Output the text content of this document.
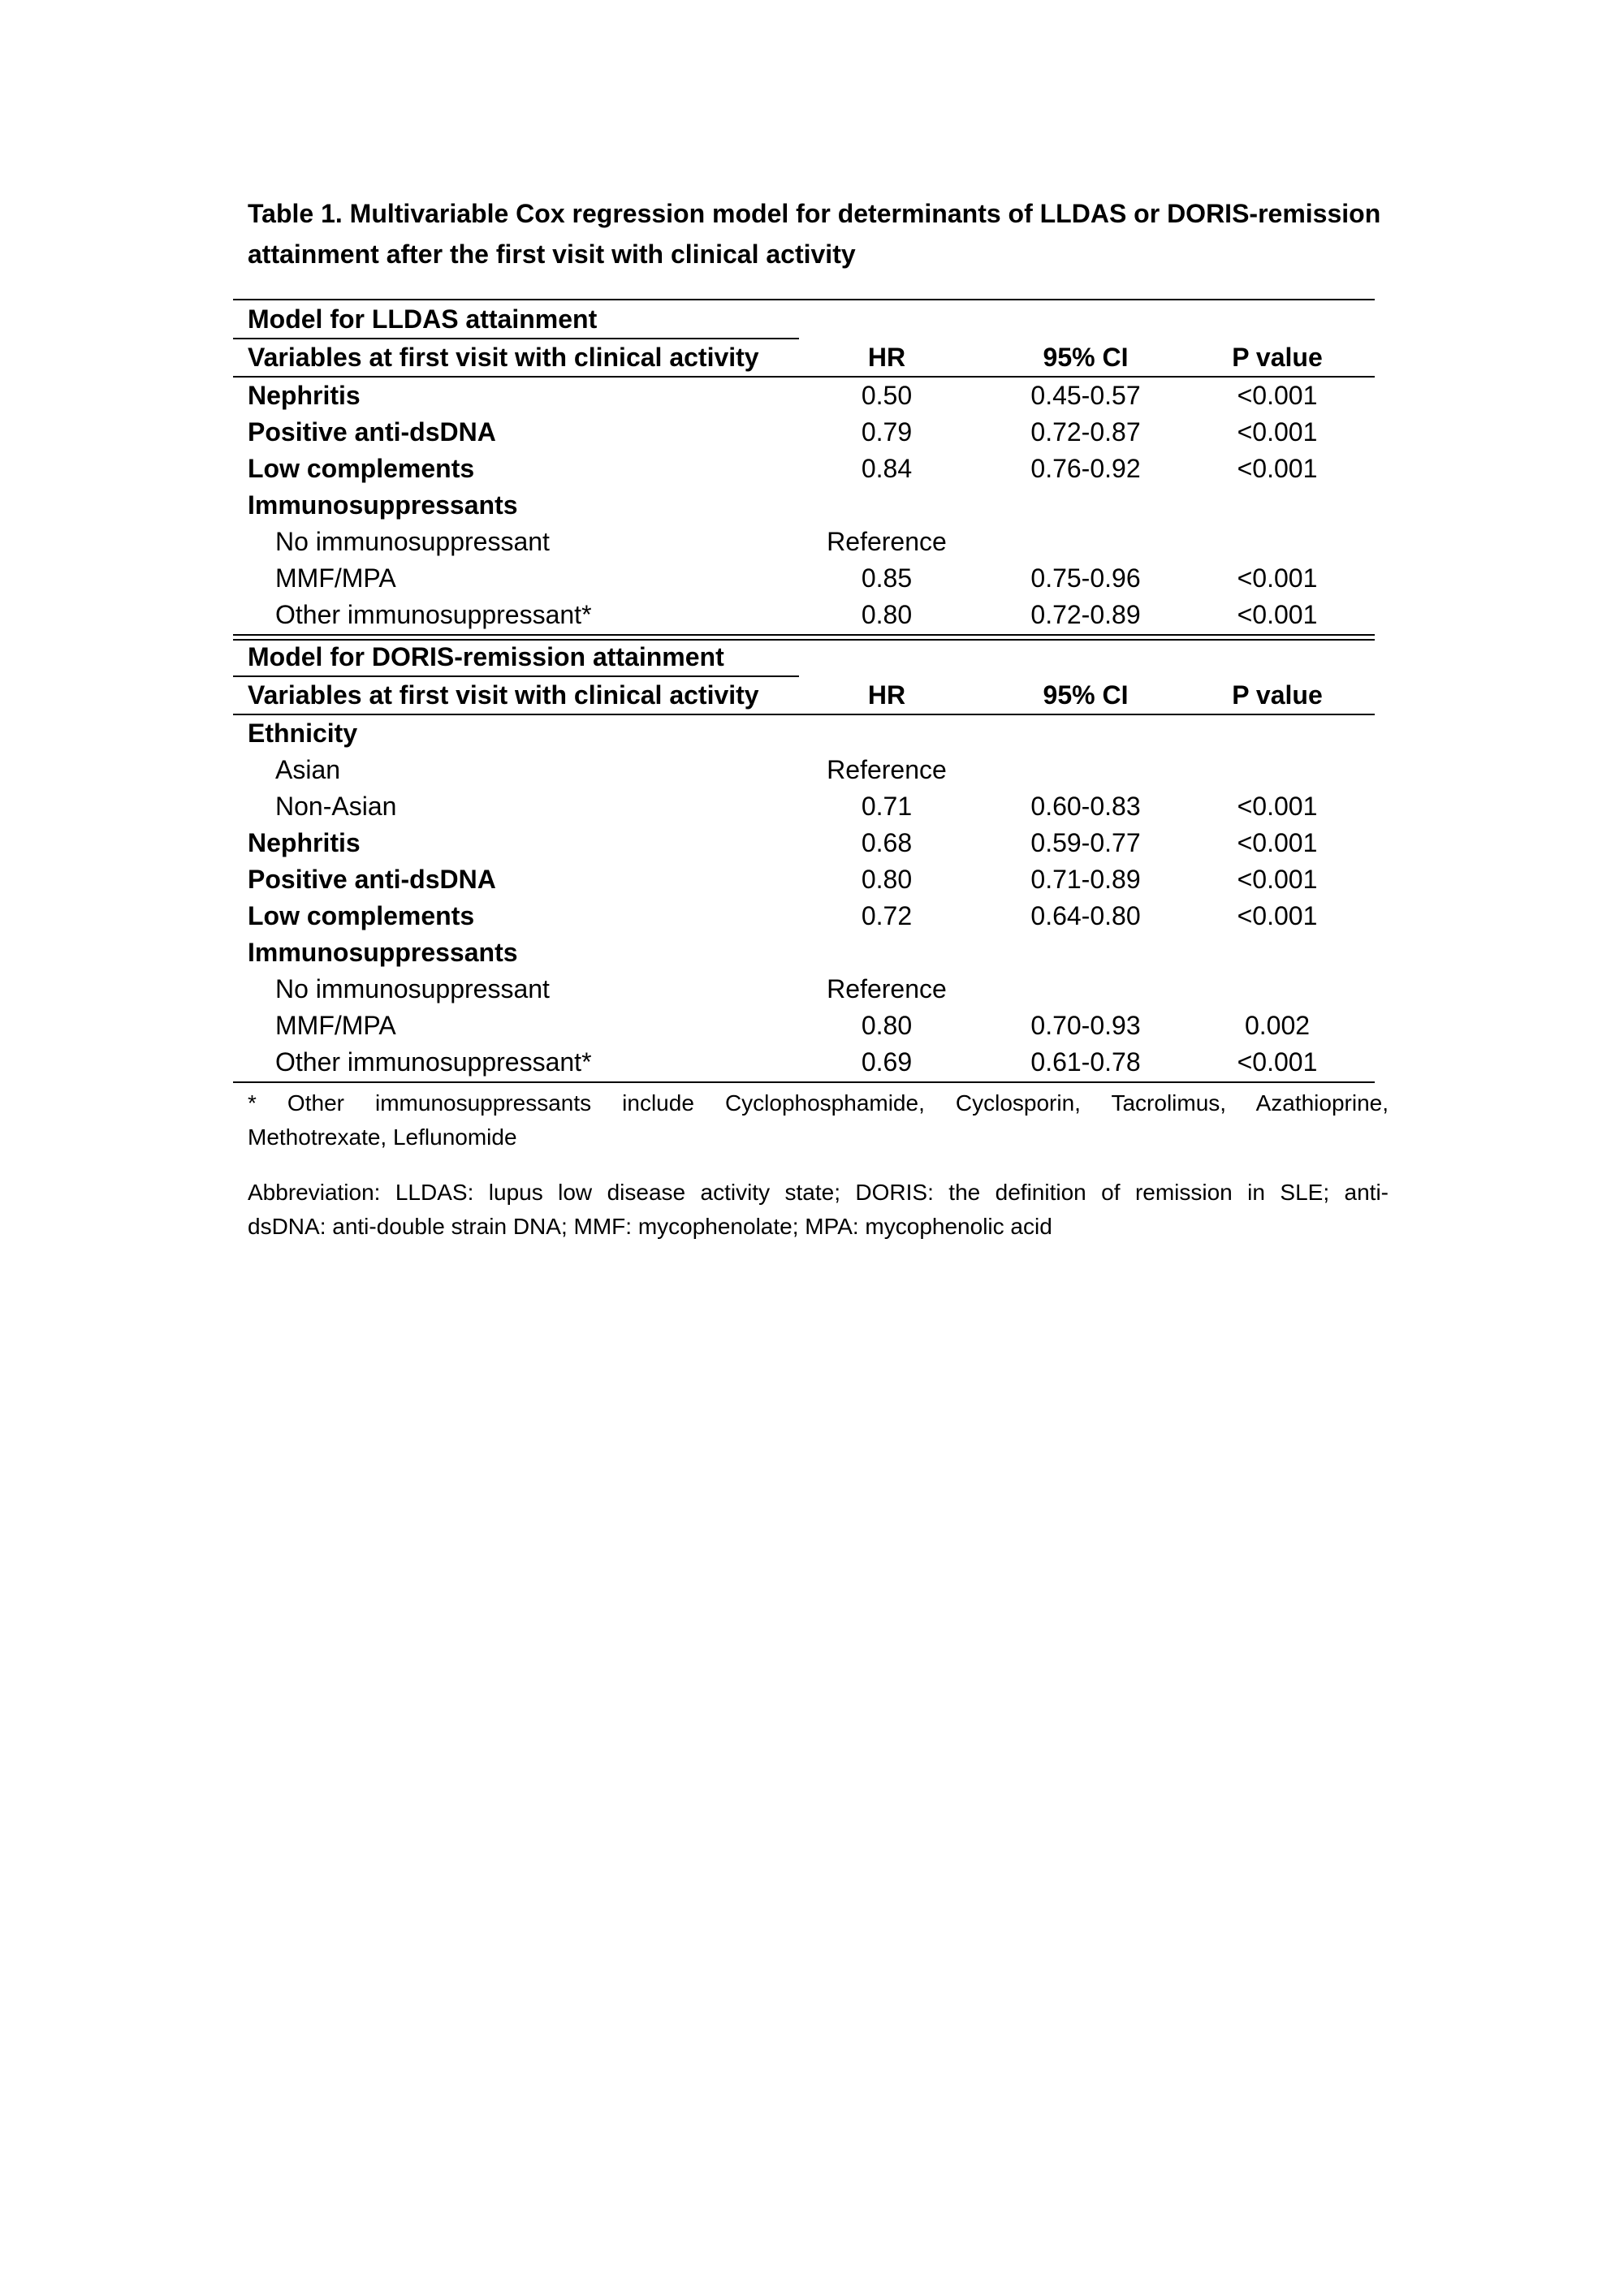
Table 1. Multivariable Cox regression model for determinants of LLDAS or DORIS-remission
attainment after the first visit with clinical activity
Model for LLDAS attainment
Variables at first visit with clinical activity	HR	95% CI	P value
Nephritis	0.50	0.45-0.57	<0.001
Positive anti-dsDNA	0.79	0.72-0.87	<0.001
Low complements	0.84	0.76-0.92	<0.001
Immunosuppressants
No immunosuppressant	Reference
MMF/MPA	0.85	0.75-0.96	<0.001
Other immunosuppressant*	0.80	0.72-0.89	<0.001
Model for DORIS-remission attainment
Variables at first visit with clinical activity	HR	95% CI	P value
Ethnicity
Asian	Reference
Non-Asian	0.71	0.60-0.83	<0.001
Nephritis	0.68	0.59-0.77	<0.001
Positive anti-dsDNA	0.80	0.71-0.89	<0.001
Low complements	0.72	0.64-0.80	<0.001
Immunosuppressants
No immunosuppressant	Reference
MMF/MPA	0.80	0.70-0.93	0.002
Other immunosuppressant*	0.69	0.61-0.78	<0.001
* Other immunosuppressants include Cyclophosphamide, Cyclosporin, Tacrolimus, Azathioprine,
Methotrexate, Leflunomide
Abbreviation: LLDAS: lupus low disease activity state; DORIS: the definition of remission in SLE; anti-
dsDNA: anti-double strain DNA; MMF: mycophenolate; MPA: mycophenolic acid
